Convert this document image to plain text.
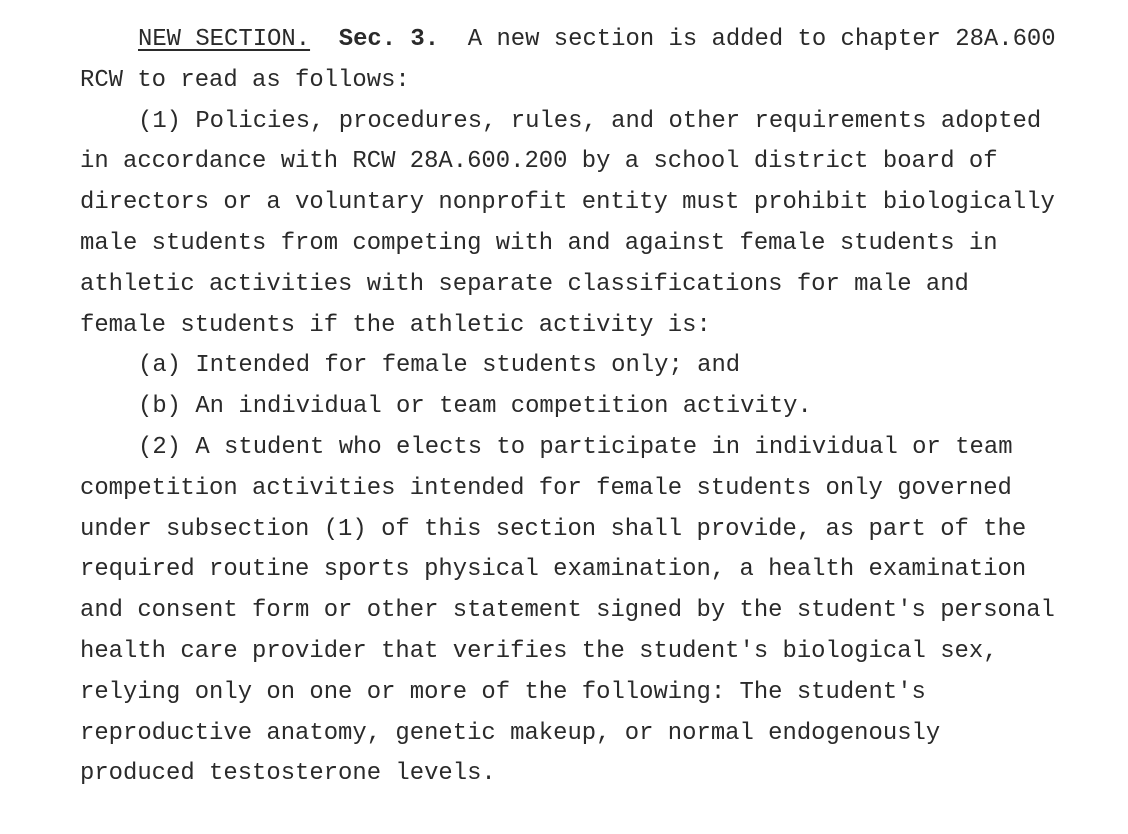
NEW SECTION. Sec. 3. A new section is added to chapter 28A.600
RCW to read as follows:
(1) Policies, procedures, rules, and other requirements adopted
in accordance with RCW 28A.600.200 by a school district board of
directors or a voluntary nonprofit entity must prohibit biologically
male students from competing with and against female students in
athletic activities with separate classifications for male and
female students if the athletic activity is:
(a) Intended for female students only; and
(b) An individual or team competition activity.
(2) A student who elects to participate in individual or team
competition activities intended for female students only governed
under subsection (1) of this section shall provide, as part of the
required routine sports physical examination, a health examination
and consent form or other statement signed by the student's personal
health care provider that verifies the student's biological sex,
relying only on one or more of the following: The student's
reproductive anatomy, genetic makeup, or normal endogenously
produced testosterone levels.
